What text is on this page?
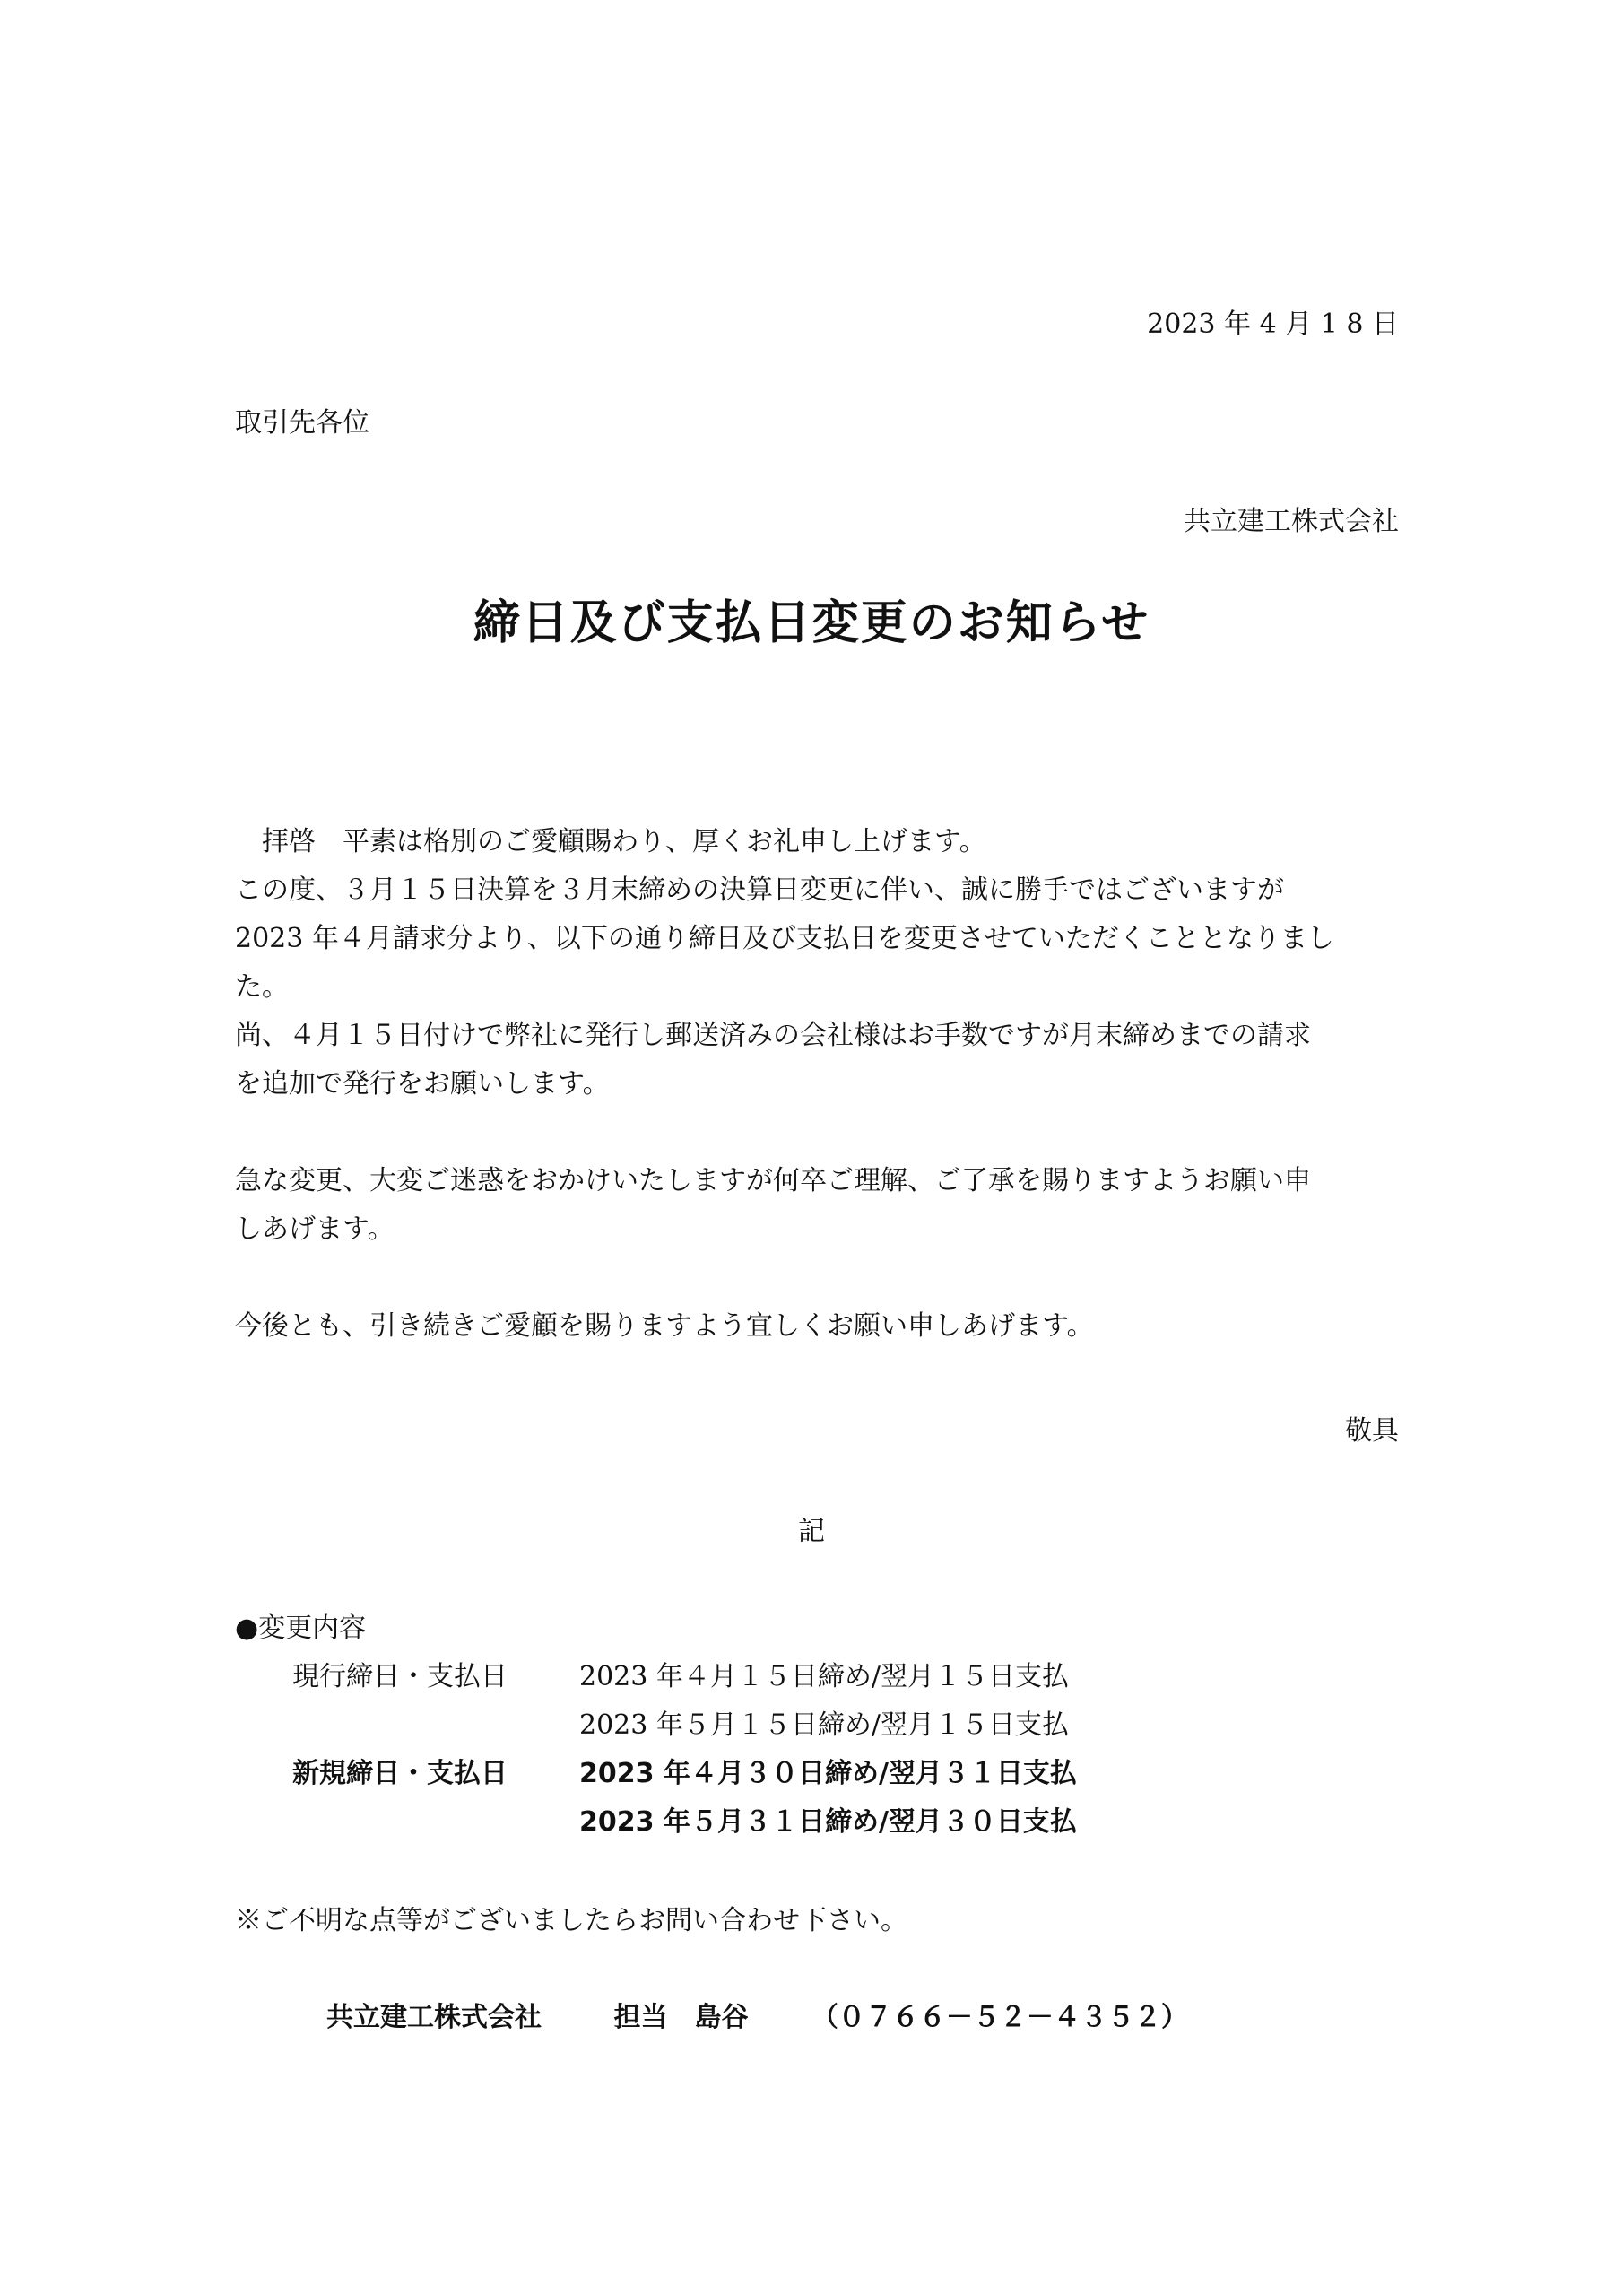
2023 年 4 月 1 8 日
取引先各位
共立建工株式会社
締日及び支払日変更のお知らせ

　拝啓　平素は格別のご愛顧賜わり、厚くお礼申し上げます。

この度、３月１５日決算を３月末締めの決算日変更に伴い、誠に勝手ではございますが

2023 年４月請求分より、以下の通り締日及び支払日を変更させていただくこととなりまし

た。

尚、４月１５日付けで弊社に発行し郵送済みの会社様はお手数ですが月末締めまでの請求

を追加で発行をお願いします。

急な変更、大変ご迷惑をおかけいたしますが何卒ご理解、ご了承を賜りますようお願い申

しあげます。

今後とも、引き続きご愛顧を賜りますよう宜しくお願い申しあげます。

敬具
記
●変更内容
現行締日・支払日	2023 年４月１５日締め/翌月１５日支払
2023 年５月１５日締め/翌月１５日支払
新規締日・支払日	2023 年４月３０日締め/翌月３１日支払
2023 年５月３１日締め/翌月３０日支払
※ご不明な点等がございましたらお問い合わせ下さい。
共立建工株式会社	担当　島谷 （０７６６－５２－４３５２）
